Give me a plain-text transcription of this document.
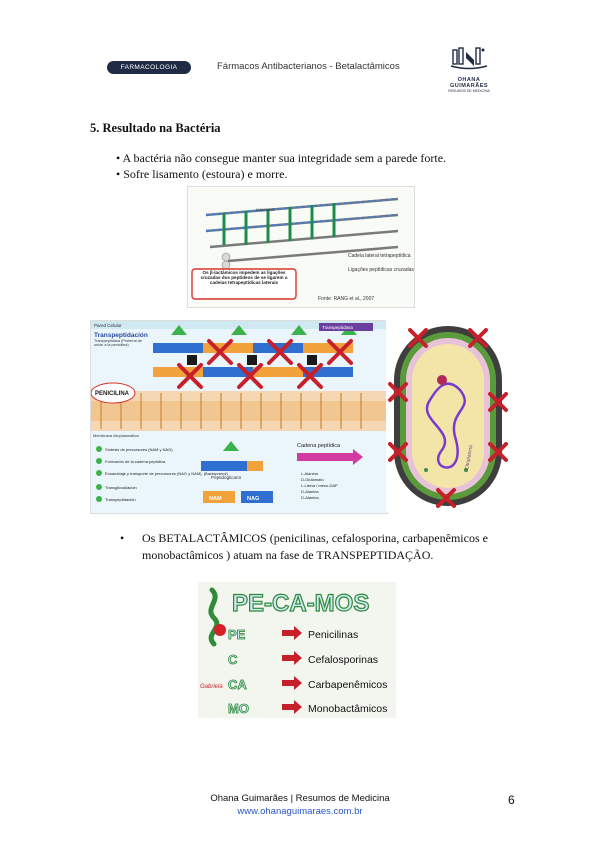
FARMACOLOGIA	Fármacos Antibacterianos - Betalactâmicos
OHANA GUIMARÃES
RESUMOS DE MEDICINA
5. Resultado na Bactéria
• A bactéria não consegue manter sua integridade sem a parede forte.
• Sofre lisamento (estoura) e morre.
NAM-NAG
Cadeia lateral tetrapeptídica
Ligações peptídicas cruzadas
Os β-lactâmicos impedem as ligações cruzadas dos peptídeos de se ligarem a cadeias tetrapeptídicas laterais
Fonte: RANG et al., 2007
Pared Celular
Transpeptidación
Transpeptidasa (Proteína de unión a la penicilina)
Transpeptidasa
PENICILINA
Membrana citoplasmática
Síntesis de precursores (NAM y NAG)
Formación de la cadena peptídica
Ensamblaje y transporte de precursores (NAG y NAM), (Bactoprenol)
Transglicosilación
Transpeptidación
Peptidoglicano
Cadena peptídica
L-Alanina
D-Glutamato
L-Lisina / meso-DAP
D-Alanina
D-Alanina
NAM	NAG
Citoplasma
• Os BETALACTÂMICOS (penicilinas, cefalosporina, carbapenêmicos e monobactâmicos ) atuam na fase de TRANSPEPTIDAÇÃO.
PE-CA-MOS
PE	Penicilinas
C	Cefalosporinas
CA	Carbapenêmicos
MO	Monobactâmicos
Gabriela
Ohana Guimarães | Resumos de Medicina
www.ohanaguimaraes.com.br
6
